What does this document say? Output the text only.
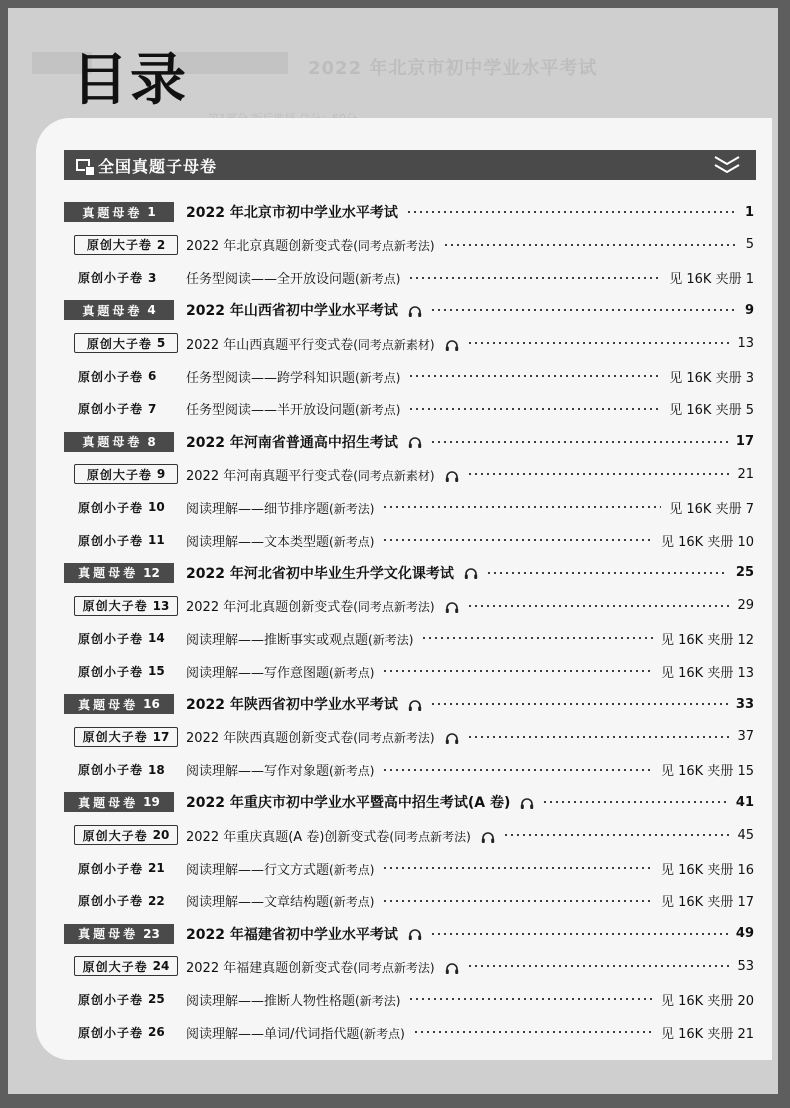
2022 年北京市初中学业水平考试
目录
全国真题子母卷
真题母卷 1 2022 年北京市初中学业水平考试	1
原创大子卷 2 2022 年北京真题创新变式卷(同考点新考法)	5
原创小子卷 3 任务型阅读——全开放设问题(新考点)	见 16K 夹册 1
真题母卷 4 2022 年山西省初中学业水平考试	9
原创大子卷 5 2022 年山西真题平行变式卷(同考点新素材)	13
原创小子卷 6 任务型阅读——跨学科知识题(新考点)	见 16K 夹册 3
原创小子卷 7 任务型阅读——半开放设问题(新考点)	见 16K 夹册 5
真题母卷 8 2022 年河南省普通高中招生考试	17
原创大子卷 9 2022 年河南真题平行变式卷(同考点新素材)	21
原创小子卷 10 阅读理解——细节排序题(新考法)	见 16K 夹册 7
原创小子卷 11 阅读理解——文本类型题(新考点)	见 16K 夹册 10
真题母卷 12 2022 年河北省初中毕业生升学文化课考试	25
原创大子卷 13 2022 年河北真题创新变式卷(同考点新考法)	29
原创小子卷 14 阅读理解——推断事实或观点题(新考法)	见 16K 夹册 12
原创小子卷 15 阅读理解——写作意图题(新考点)	见 16K 夹册 13
真题母卷 16 2022 年陕西省初中学业水平考试	33
原创大子卷 17 2022 年陕西真题创新变式卷(同考点新考法)	37
原创小子卷 18 阅读理解——写作对象题(新考点)	见 16K 夹册 15
真题母卷 19 2022 年重庆市初中学业水平暨高中招生考试(A 卷)	41
原创大子卷 20 2022 年重庆真题(A 卷)创新变式卷(同考点新考法)	45
原创小子卷 21 阅读理解——行文方式题(新考点)	见 16K 夹册 16
原创小子卷 22 阅读理解——文章结构题(新考点)	见 16K 夹册 17
真题母卷 23 2022 年福建省初中学业水平考试	49
原创大子卷 24 2022 年福建真题创新变式卷(同考点新考法)	53
原创小子卷 25 阅读理解——推断人物性格题(新考法)	见 16K 夹册 20
原创小子卷 26 阅读理解——单词/代词指代题(新考点)	见 16K 夹册 21
